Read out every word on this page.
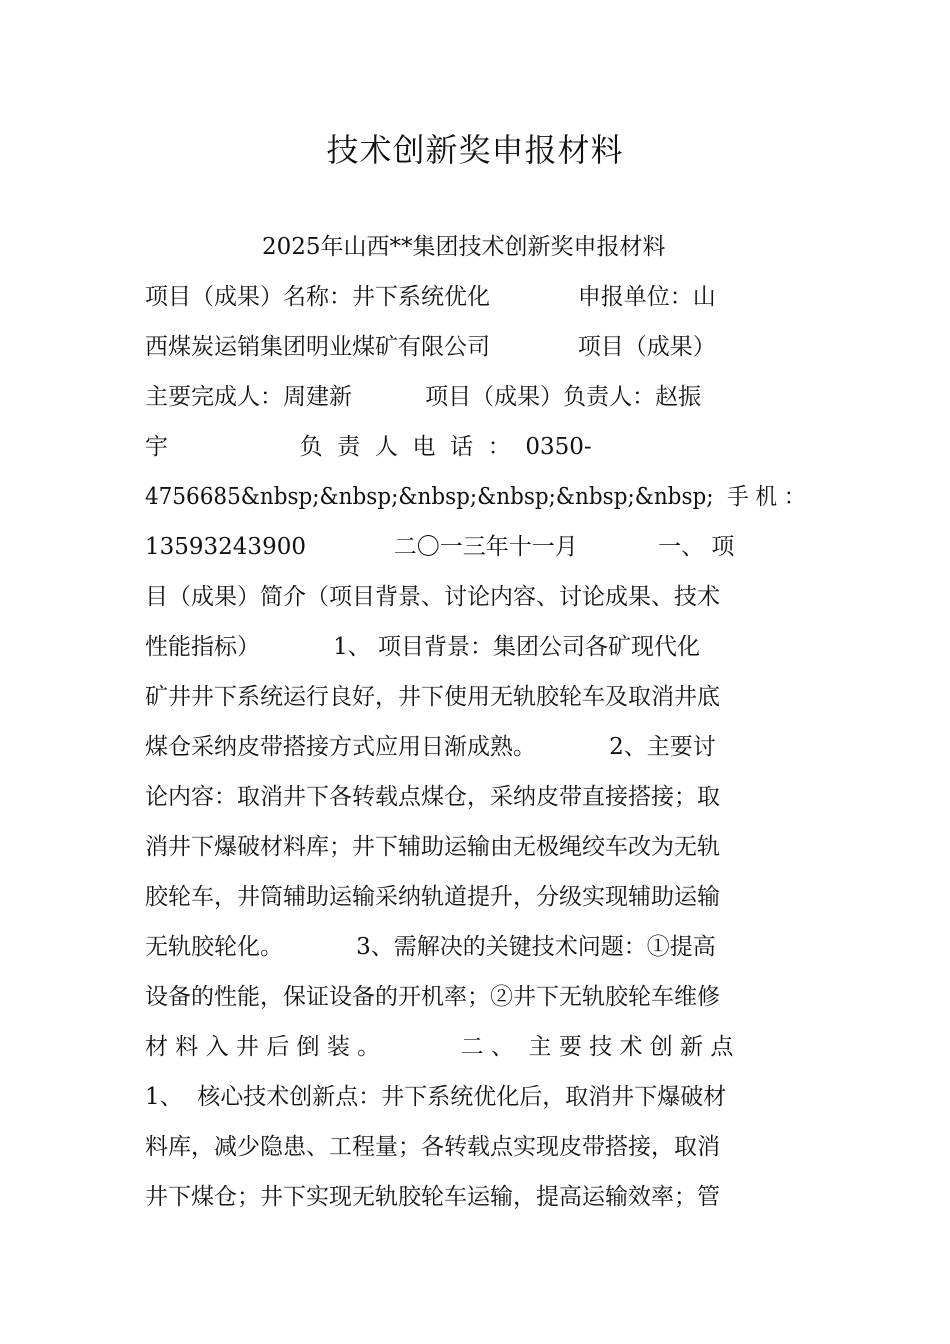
技术创新奖申报材料
2025年山西**集团技术创新奖申报材料
项目（成果）名称：井下系统优化            申报单位：山
西煤炭运销集团明业煤矿有限公司            项目（成果）
主要完成人：周建新          项目（成果）负责人：赵振
宇                  负  责  人  电  话  ：  0350-
4756685&nbsp;&nbsp;&nbsp;&nbsp;&nbsp;&nbsp;  手 机 ：
13593243900            二〇一三年十一月           一、 项
目（成果）简介（项目背景、讨论内容、讨论成果、技术
性能指标）          1、 项目背景：集团公司各矿现代化
矿井井下系统运行良好，井下使用无轨胶轮车及取消井底
煤仓采纳皮带搭接方式应用日渐成熟。          2、主要讨
论内容：取消井下各转载点煤仓，采纳皮带直接搭接；取
消井下爆破材料库；井下辅助运输由无极绳绞车改为无轨
胶轮车，井筒辅助运输采纳轨道提升，分级实现辅助运输
无轨胶轮化。          3、需解决的关键技术问题：①提高
设备的性能，保证设备的开机率；②井下无轨胶轮车维修
材 料 入 井 后 倒 装 。           二 、  主 要 技 术 创 新 点
1、  核心技术创新点：井下系统优化后，取消井下爆破材
料库，减少隐患、工程量；各转载点实现皮带搭接，取消
井下煤仓；井下实现无轨胶轮车运输，提高运输效率；管
